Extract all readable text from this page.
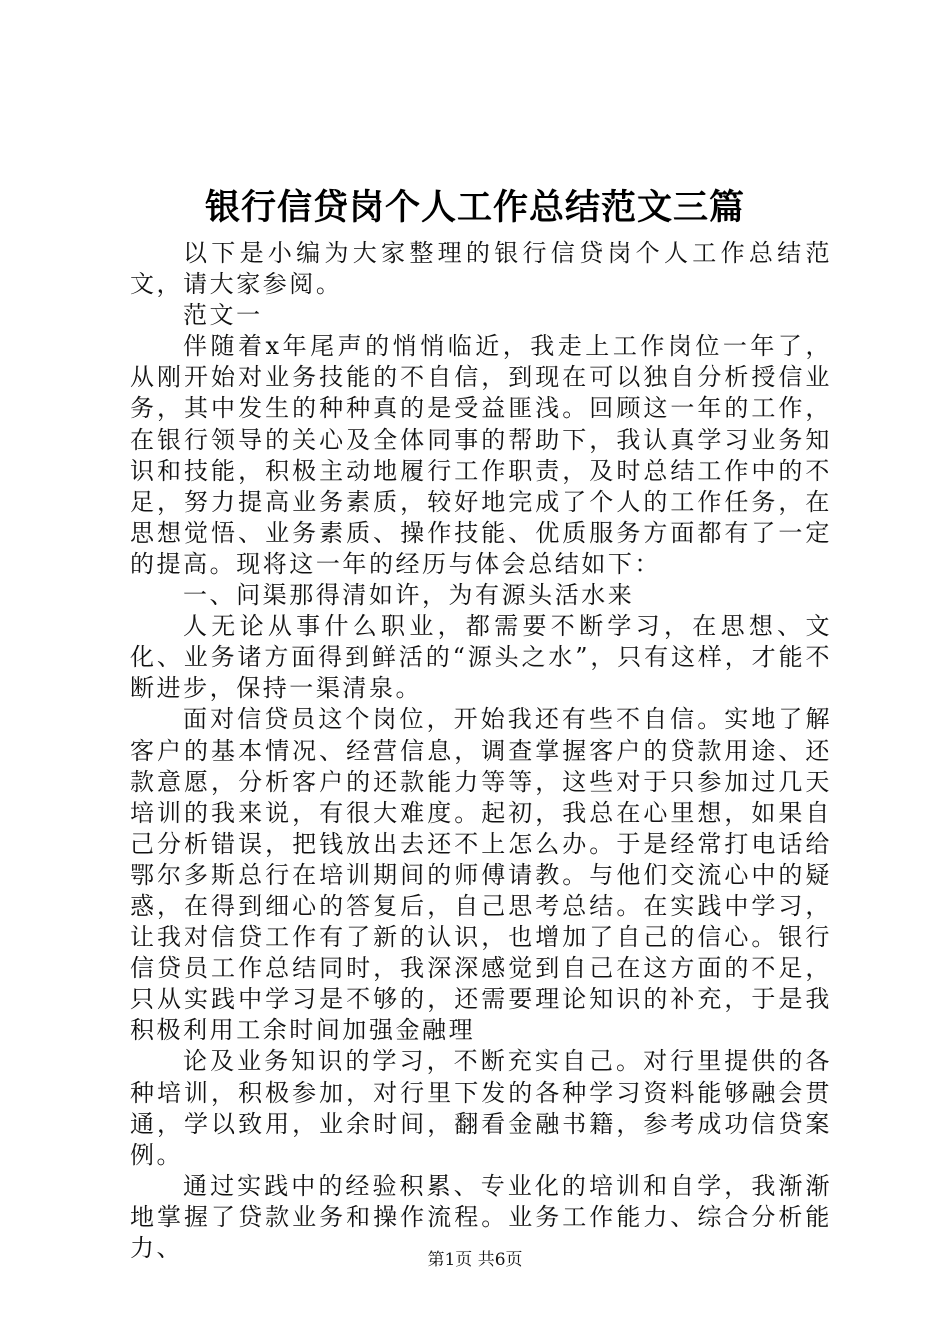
银行信贷岗个人工作总结范文三篇

以下是小编为大家整理的银行信贷岗个人工作总结范文，请大家参阅。

范文一

伴随着x年尾声的悄悄临近，我走上工作岗位一年了，从刚开始对业务技能的不自信，到现在可以独自分析授信业务，其中发生的种种真的是受益匪浅。回顾这一年的工作，在银行领导的关心及全体同事的帮助下，我认真学习业务知识和技能，积极主动地履行工作职责，及时总结工作中的不足，努力提高业务素质，较好地完成了个人的工作任务，在思想觉悟、业务素质、操作技能、优质服务方面都有了一定的提高。现将这一年的经历与体会总结如下：

一、问渠那得清如许，为有源头活水来

人无论从事什么职业，都需要不断学习，在思想、文化、业务诸方面得到鲜活的“源头之水”，只有这样，才能不断进步，保持一渠清泉。

面对信贷员这个岗位，开始我还有些不自信。实地了解客户的基本情况、经营信息，调查掌握客户的贷款用途、还款意愿，分析客户的还款能力等等，这些对于只参加过几天培训的我来说，有很大难度。起初，我总在心里想，如果自己分析错误，把钱放出去还不上怎么办。于是经常打电话给鄂尔多斯总行在培训期间的师傅请教。与他们交流心中的疑惑，在得到细心的答复后，自己思考总结。在实践中学习，让我对信贷工作有了新的认识，也增加了自己的信心。银行信贷员工作总结同时，我深深感觉到自己在这方面的不足，只从实践中学习是不够的，还需要理论知识的补充，于是我积极利用工余时间加强金融理

论及业务知识的学习，不断充实自己。对行里提供的各种培训，积极参加，对行里下发的各种学习资料能够融会贯通，学以致用，业余时间，翻看金融书籍，参考成功信贷案例。

通过实践中的经验积累、专业化的培训和自学，我渐渐地掌握了贷款业务和操作流程。业务工作能力、综合分析能力、	第1页 共6页
